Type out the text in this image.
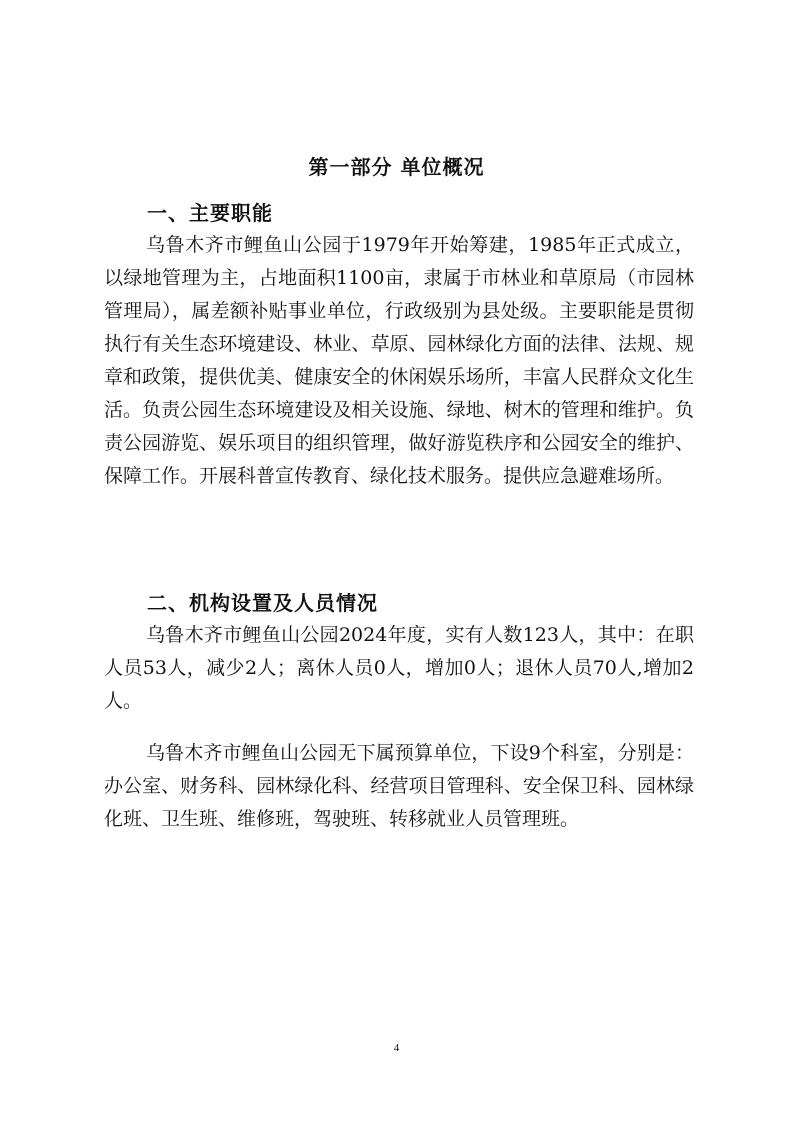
第一部分 单位概况
一、主要职能

乌鲁木齐市鲤鱼山公园于1979年开始筹建，1985年正式成立，以绿地管理为主，占地面积1100亩，隶属于市林业和草原局（市园林管理局），属差额补贴事业单位，行政级别为县处级。主要职能是贯彻执行有关生态环境建设、林业、草原、园林绿化方面的法律、法规、规章和政策，提供优美、健康安全的休闲娱乐场所，丰富人民群众文化生活。负责公园生态环境建设及相关设施、绿地、树木的管理和维护。负责公园游览、娱乐项目的组织管理，做好游览秩序和公园安全的维护、保障工作。开展科普宣传教育、绿化技术服务。提供应急避难场所。

二、机构设置及人员情况

乌鲁木齐市鲤鱼山公园2024年度，实有人数123人，其中：在职人员53人，减少2人；离休人员0人，增加0人；退休人员70人,增加2人。

乌鲁木齐市鲤鱼山公园无下属预算单位，下设9个科室，分别是：办公室、财务科、园林绿化科、经营项目管理科、安全保卫科、园林绿化班、卫生班、维修班，驾驶班、转移就业人员管理班。

4
